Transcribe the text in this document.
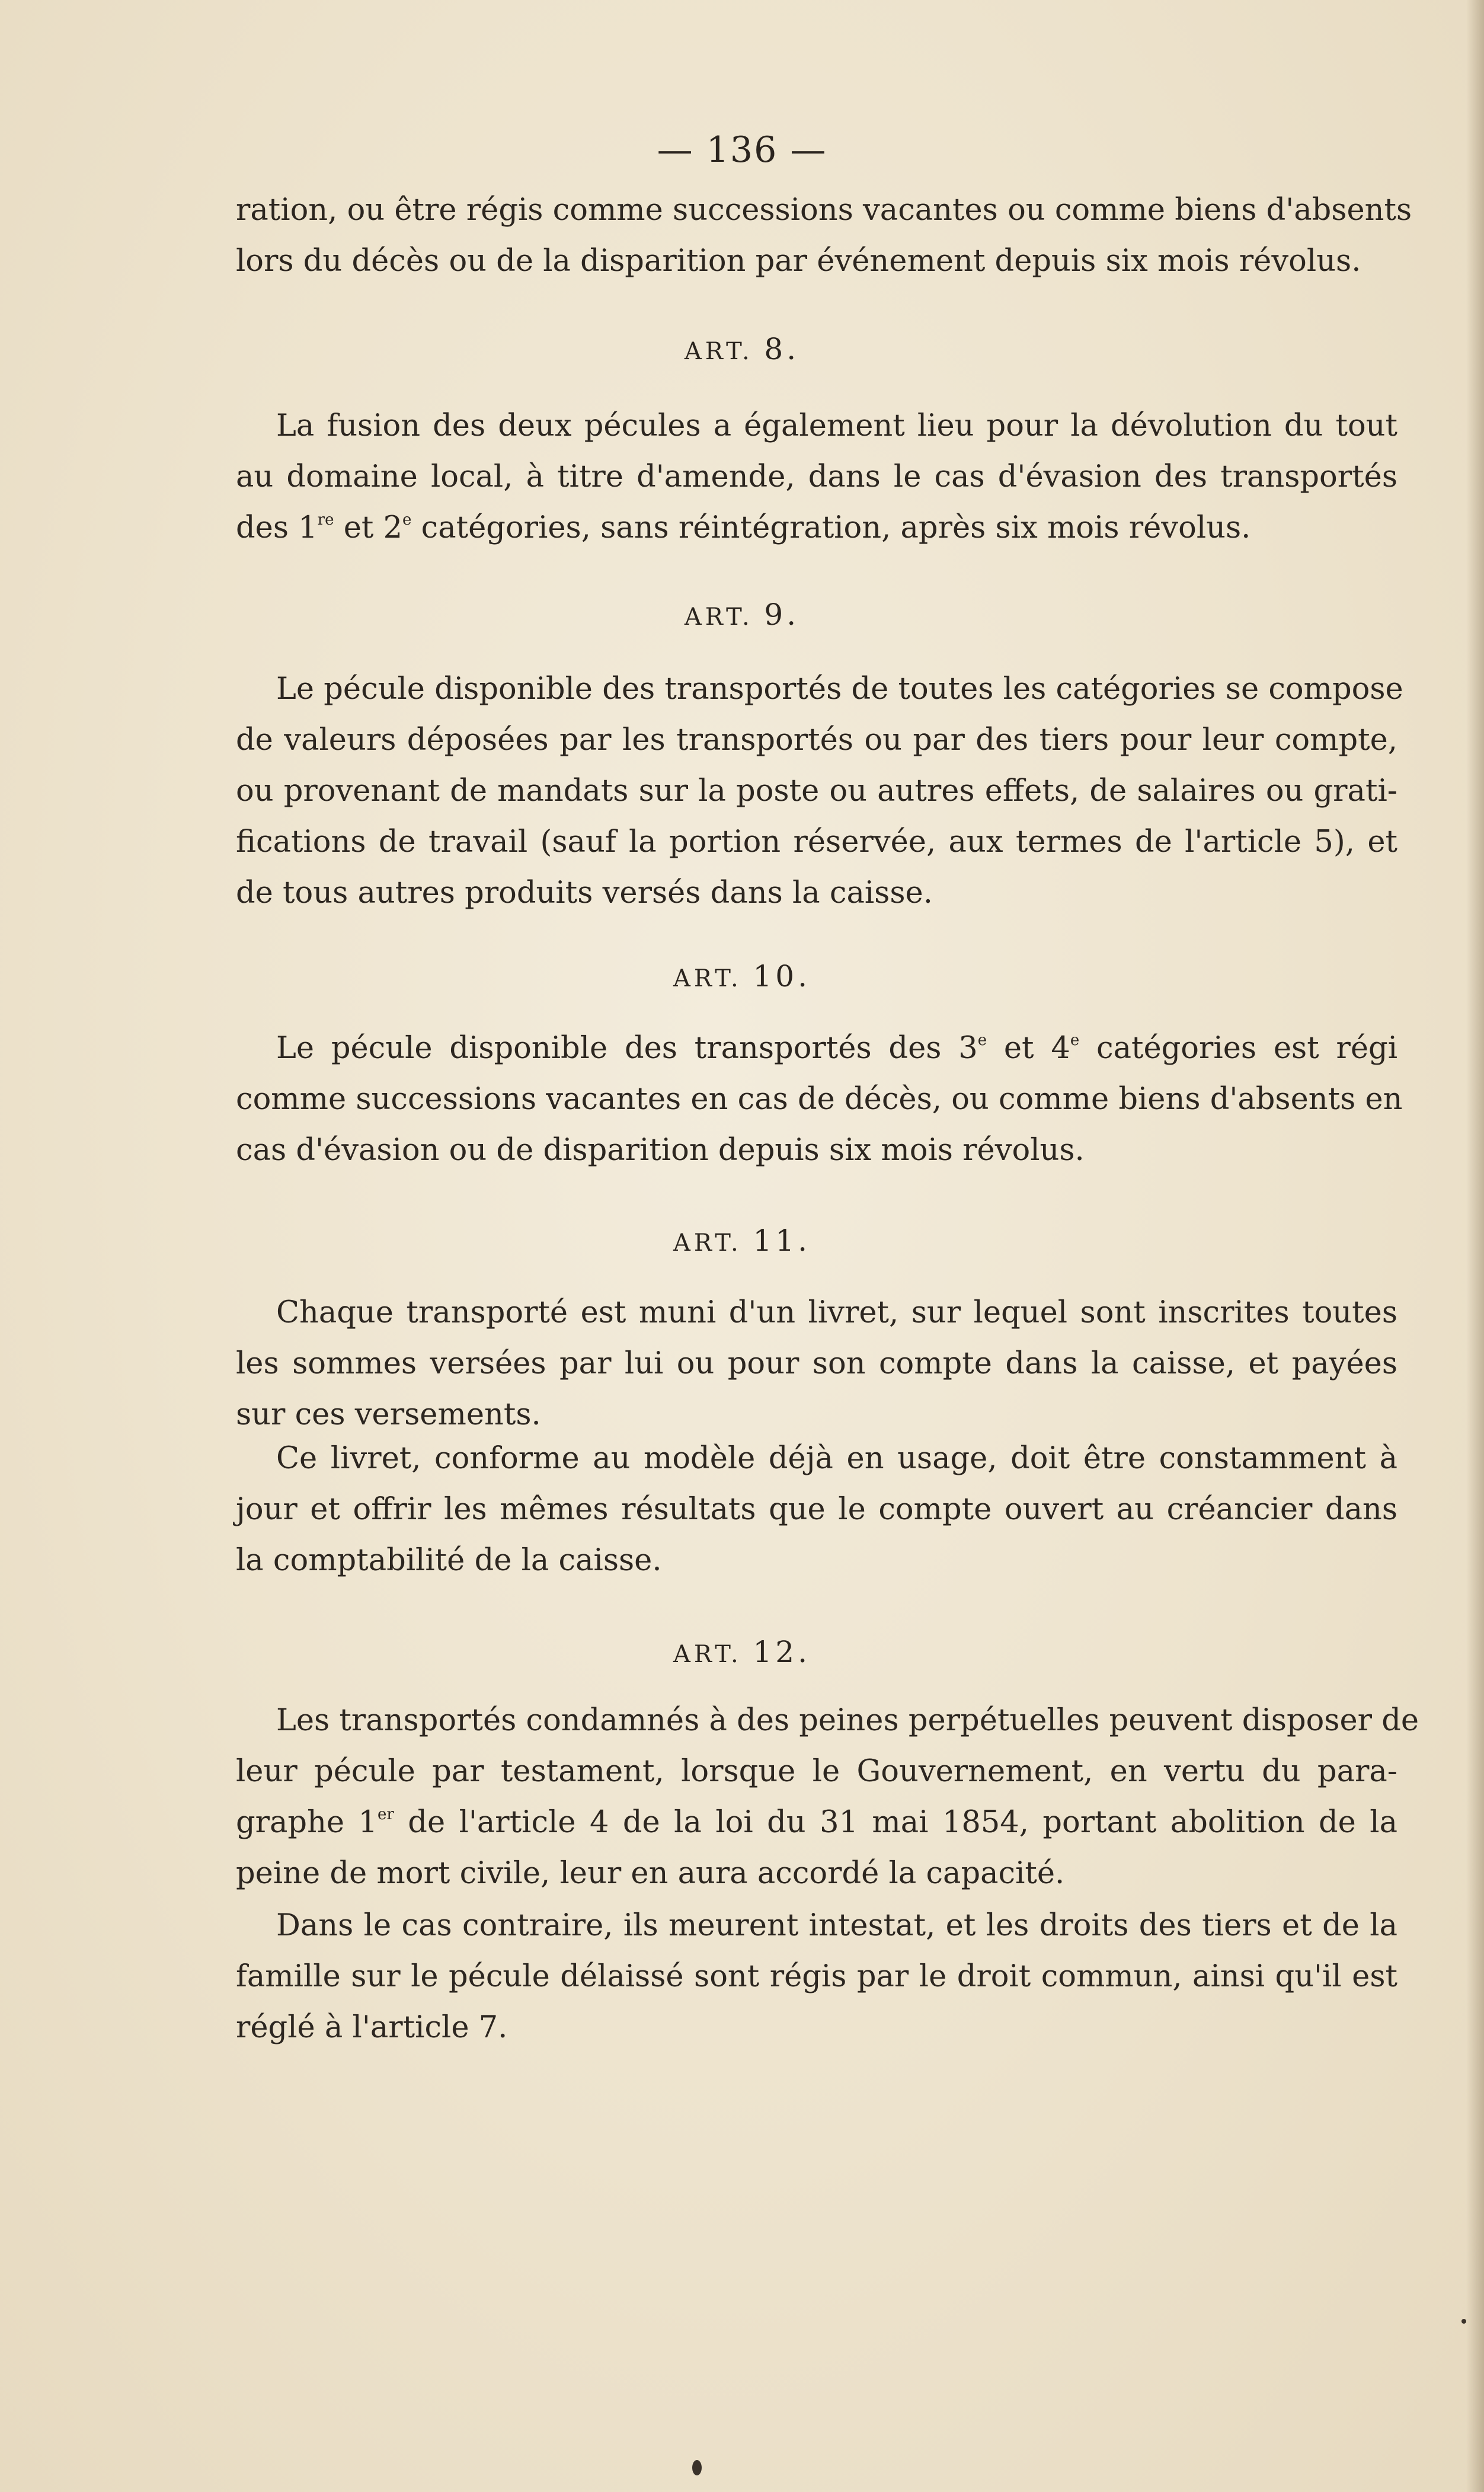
— 136 —

ration, ou être régis comme successions vacantes ou comme biens d'absents

lors du décès ou de la disparition par événement depuis six mois révolus.

ART. 8.

La fusion des deux pécules a également lieu pour la dévolution du tout

au domaine local, à titre d'amende, dans le cas d'évasion des transportés

des 1re et 2e catégories, sans réintégration, après six mois révolus.

ART. 9.

Le pécule disponible des transportés de toutes les catégories se compose

de valeurs déposées par les transportés ou par des tiers pour leur compte,

ou provenant de mandats sur la poste ou autres effets, de salaires ou grati-

fications de travail (sauf la portion réservée, aux termes de l'article 5), et

de tous autres produits versés dans la caisse.

ART. 10.

Le pécule disponible des transportés des 3e et 4e catégories est régi

comme successions vacantes en cas de décès, ou comme biens d'absents en

cas d'évasion ou de disparition depuis six mois révolus.

ART. 11.

Chaque transporté est muni d'un livret, sur lequel sont inscrites toutes

les sommes versées par lui ou pour son compte dans la caisse, et payées

sur ces versements.

Ce livret, conforme au modèle déjà en usage, doit être constamment à

jour et offrir les mêmes résultats que le compte ouvert au créancier dans

la comptabilité de la caisse.

ART. 12.

Les transportés condamnés à des peines perpétuelles peuvent disposer de

leur pécule par testament, lorsque le Gouvernement, en vertu du para-

graphe 1er de l'article 4 de la loi du 31 mai 1854, portant abolition de la

peine de mort civile, leur en aura accordé la capacité.

Dans le cas contraire, ils meurent intestat, et les droits des tiers et de la

famille sur le pécule délaissé sont régis par le droit commun, ainsi qu'il est

réglé à l'article 7.
